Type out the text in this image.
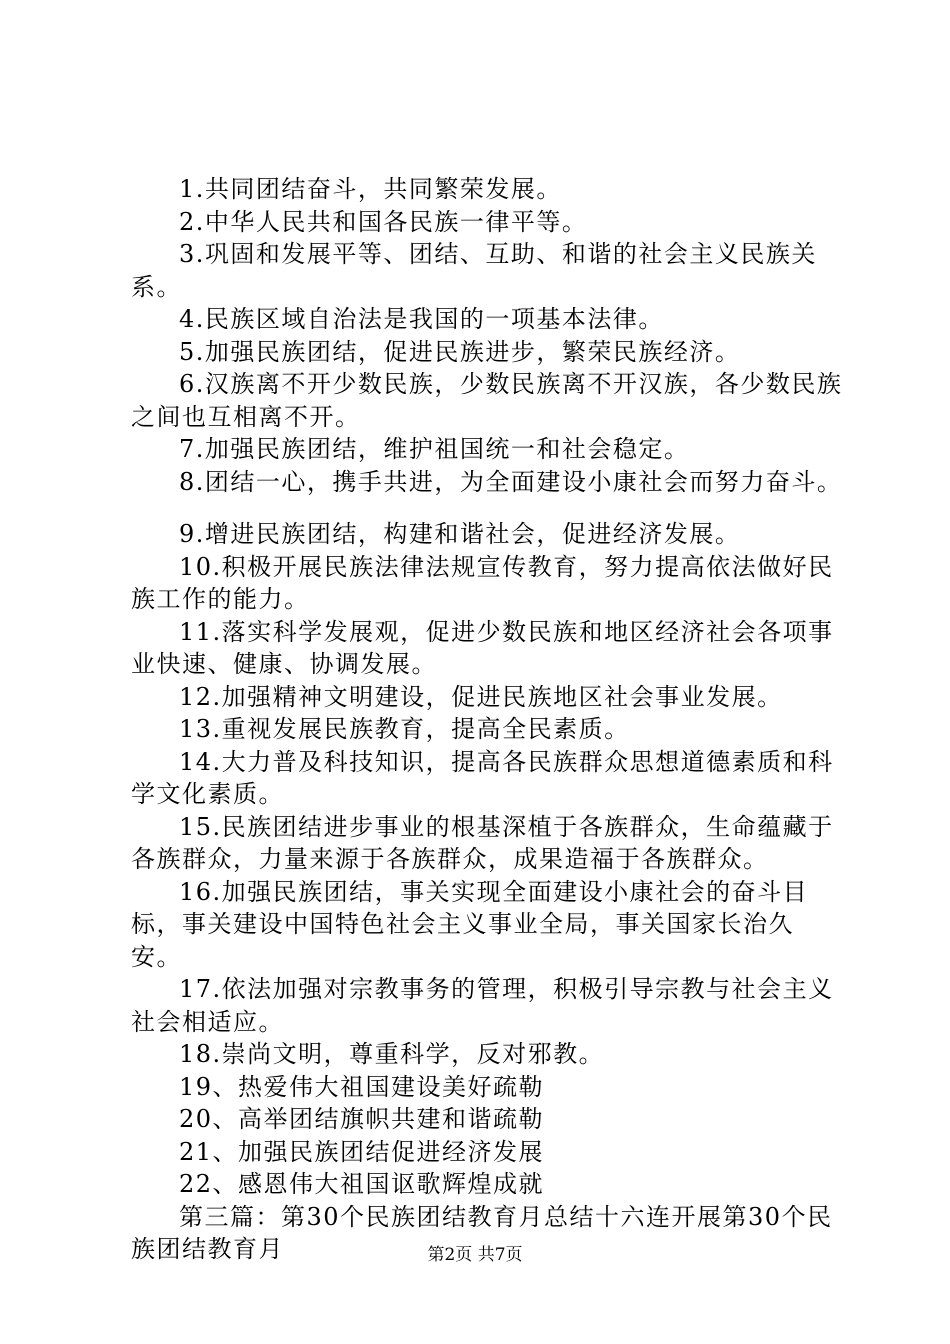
1.共同团结奋斗，共同繁荣发展。

2.中华人民共和国各民族一律平等。

3.巩固和发展平等、团结、互助、和谐的社会主义民族关系。

4.民族区域自治法是我国的一项基本法律。

5.加强民族团结，促进民族进步，繁荣民族经济。

6.汉族离不开少数民族，少数民族离不开汉族，各少数民族之间也互相离不开。

7.加强民族团结，维护祖国统一和社会稳定。

8.团结一心，携手共进，为全面建设小康社会而努力奋斗。

9.增进民族团结，构建和谐社会，促进经济发展。

10.积极开展民族法律法规宣传教育，努力提高依法做好民族工作的能力。

11.落实科学发展观，促进少数民族和地区经济社会各项事业快速、健康、协调发展。

12.加强精神文明建设，促进民族地区社会事业发展。

13.重视发展民族教育，提高全民素质。

14.大力普及科技知识，提高各民族群众思想道德素质和科学文化素质。

15.民族团结进步事业的根基深植于各族群众，生命蕴藏于各族群众，力量来源于各族群众，成果造福于各族群众。

16.加强民族团结，事关实现全面建设小康社会的奋斗目标，事关建设中国特色社会主义事业全局，事关国家长治久安。

17.依法加强对宗教事务的管理，积极引导宗教与社会主义社会相适应。

18.崇尚文明，尊重科学，反对邪教。

19、热爱伟大祖国建设美好疏勒

20、高举团结旗帜共建和谐疏勒

21、加强民族团结促进经济发展

22、感恩伟大祖国讴歌辉煌成就

第三篇：第30个民族团结教育月总结十六连开展第30个民族团结教育月	第2页 共7页
